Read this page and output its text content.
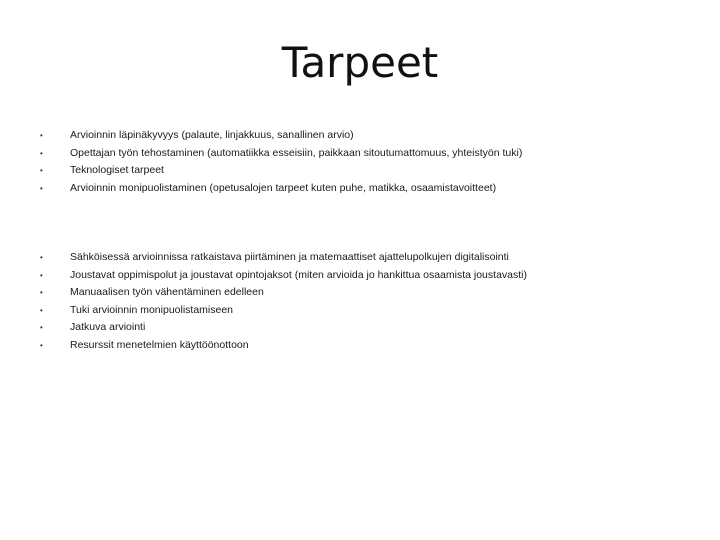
Tarpeet
•	Arvioinnin läpinäkyvyys (palaute, linjakkuus, sanallinen arvio)
•	Opettajan työn tehostaminen (automatiikka esseisiin, paikkaan sitoutumattomuus, yhteistyön tuki)
•	Teknologiset tarpeet
•	Arvioinnin monipuolistaminen (opetusalojen tarpeet kuten puhe, matikka, osaamistavoitteet)
•	Sähköisessä arvioinnissa ratkaistava piirtäminen ja matemaattiset ajattelupolkujen digitalisointi
•	Joustavat oppimispolut ja joustavat opintojaksot (miten arvioida jo hankittua osaamista joustavasti)
•	Manuaalisen työn vähentäminen edelleen
•	Tuki arvioinnin monipuolistamiseen
•	Jatkuva arviointi
•	Resurssit menetelmien käyttöönottoon
